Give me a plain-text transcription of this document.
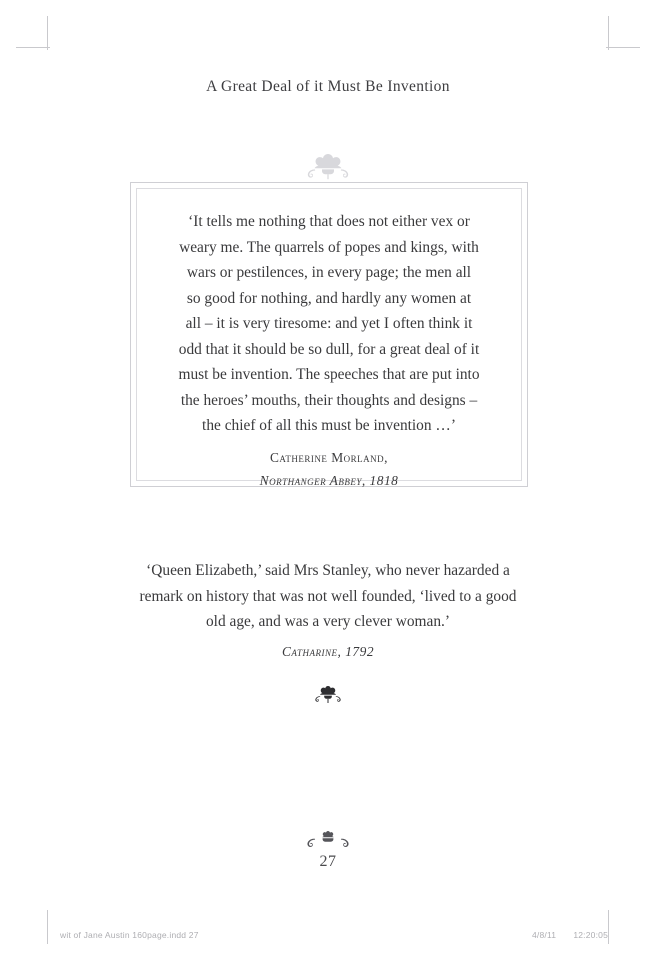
A Great Deal of it Must Be Invention
‘It tells me nothing that does not either vex or
weary me. The quarrels of popes and kings, with
wars or pestilences, in every page; the men all
so good for nothing, and hardly any women at
all – it is very tiresome: and yet I often think it
odd that it should be so dull, for a great deal of it
must be invention. The speeches that are put into
the heroes’ mouths, their thoughts and designs –
the chief of all this must be invention …’
Catherine Morland,
Northanger Abbey, 1818
‘Queen Elizabeth,’ said Mrs Stanley, who never hazarded a
remark on history that was not well founded, ‘lived to a good
old age, and was a very clever woman.’
Catharine, 1792
27
wit of Jane Austin 160page.indd 27	4/8/11 12:20:05
